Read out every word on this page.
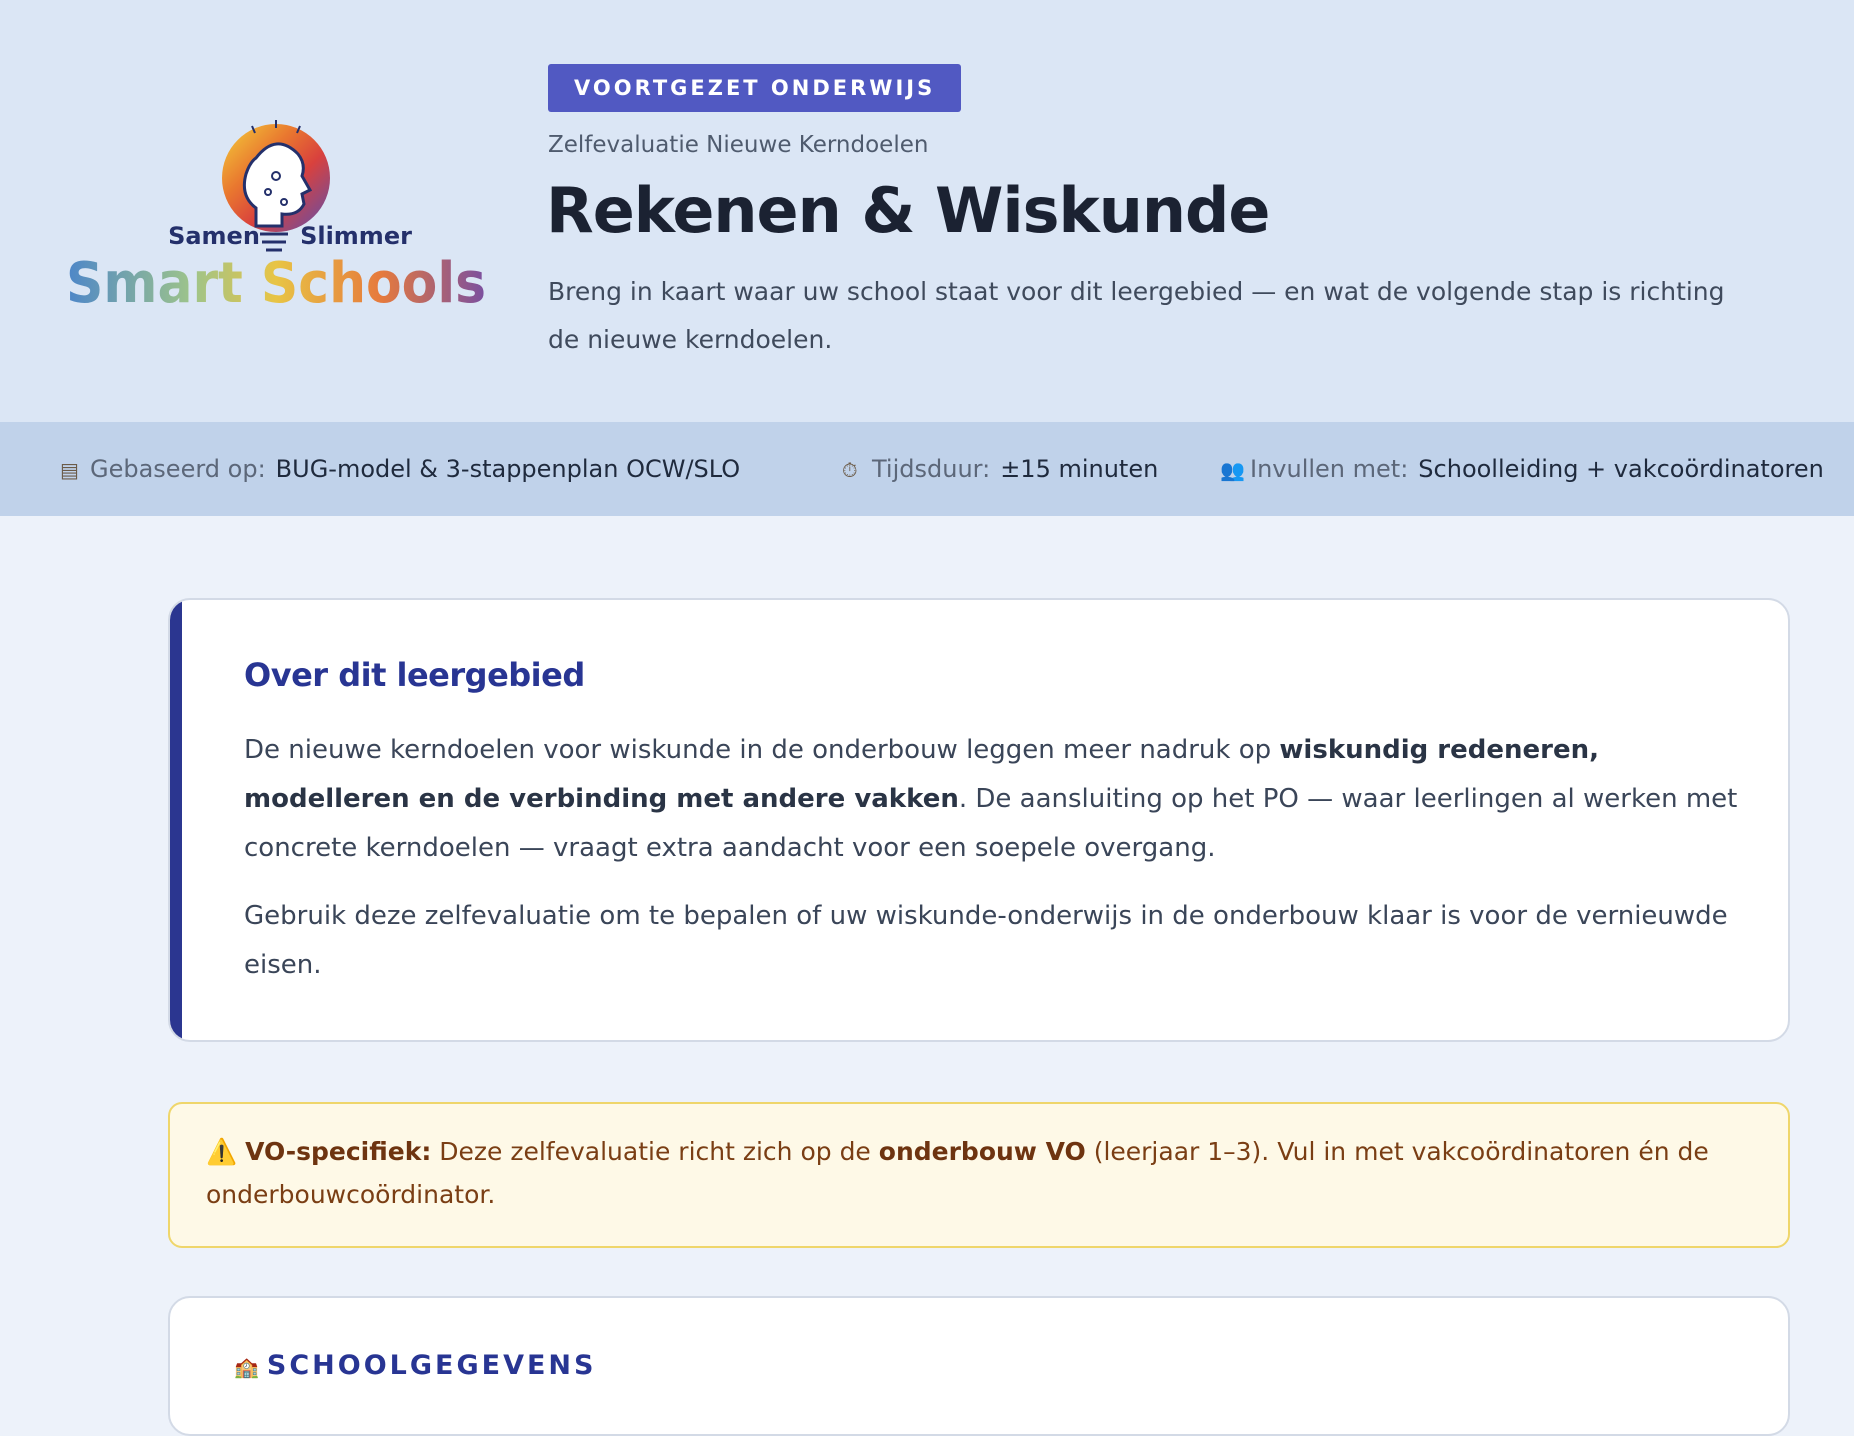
Samen Slimmer
Smart Schools
VOORTGEZET ONDERWIJS
Zelfevaluatie Nieuwe Kerndoelen
Rekenen & Wiskunde

Breng in kaart waar uw school staat voor dit leergebied — en wat de volgende stap is richting de nieuwe kerndoelen.

▤ Gebaseerd op: BUG-model & 3-stappenplan OCW/SLO	⏱ Tijdsduur: ±15 minuten	👥 Invullen met: Schoolleiding + vakcoördinatoren
Over dit leergebied

De nieuwe kerndoelen voor wiskunde in de onderbouw leggen meer nadruk op wiskundig redeneren, modelleren en de verbinding met andere vakken. De aansluiting op het PO — waar leerlingen al werken met concrete kerndoelen — vraagt extra aandacht voor een soepele overgang.

Gebruik deze zelfevaluatie om te bepalen of uw wiskunde-onderwijs in de onderbouw klaar is voor de vernieuwde eisen.

⚠️ VO-specifiek: Deze zelfevaluatie richt zich op de onderbouw VO (leerjaar 1–3). Vul in met vakcoördinatoren én de onderbouwcoördinator.

🏫 SCHOOLGEGEVENS
